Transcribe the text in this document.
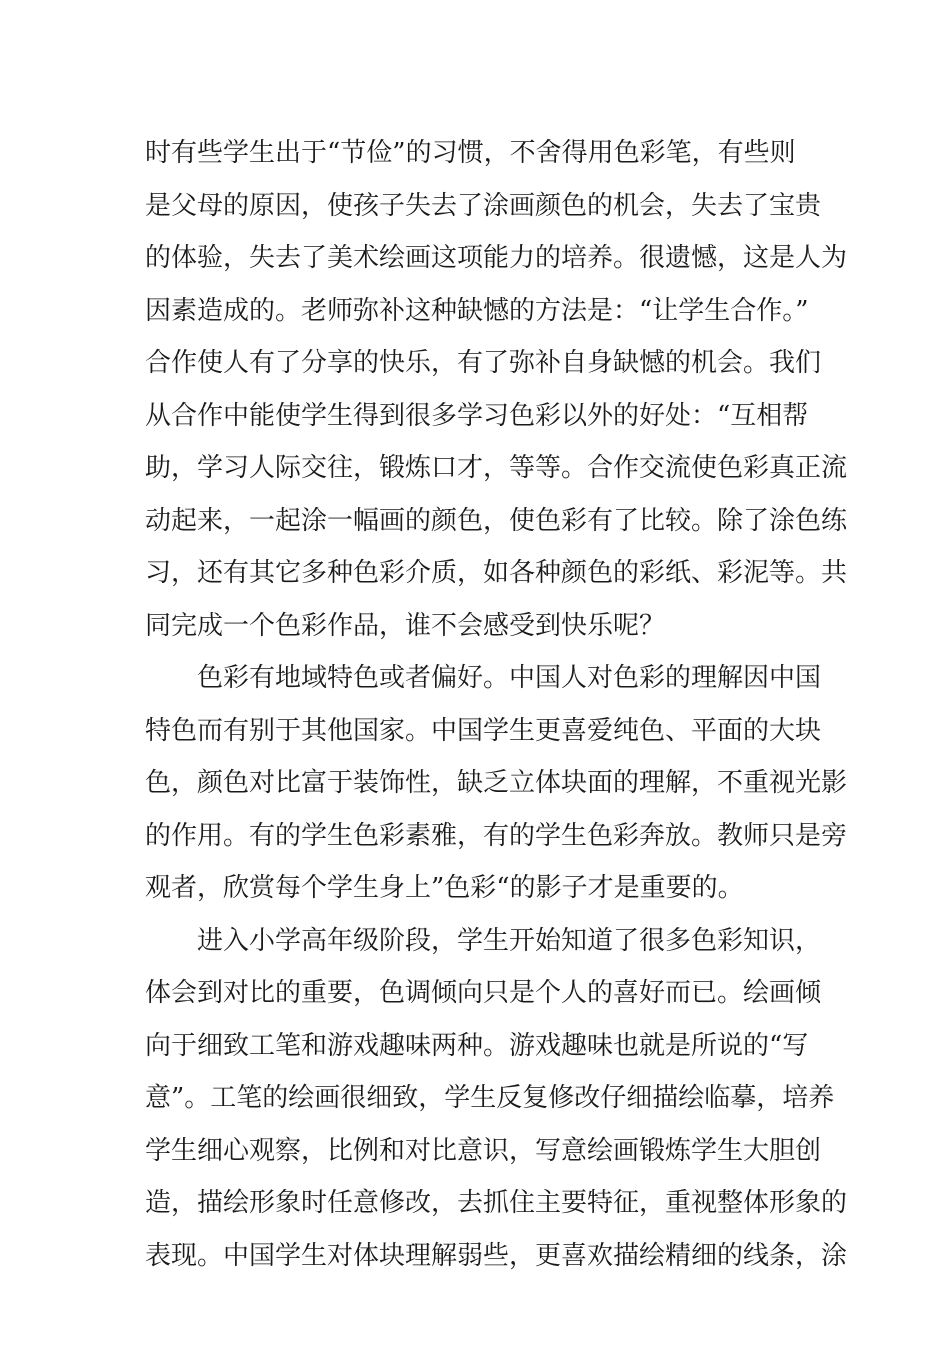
时有些学生出于“节俭”的习惯，不舍得用色彩笔，有些则
是父母的原因，使孩子失去了涂画颜色的机会，失去了宝贵
的体验，失去了美术绘画这项能力的培养。很遗憾，这是人为
因素造成的。老师弥补这种缺憾的方法是：“让学生合作。”
合作使人有了分享的快乐，有了弥补自身缺憾的机会。我们
从合作中能使学生得到很多学习色彩以外的好处：“互相帮
助，学习人际交往，锻炼口才，等等。合作交流使色彩真正流
动起来，一起涂一幅画的颜色，使色彩有了比较。除了涂色练
习，还有其它多种色彩介质，如各种颜色的彩纸、彩泥等。共
同完成一个色彩作品，谁不会感受到快乐呢？
色彩有地域特色或者偏好。中国人对色彩的理解因中国
特色而有别于其他国家。中国学生更喜爱纯色、平面的大块
色，颜色对比富于装饰性，缺乏立体块面的理解，不重视光影
的作用。有的学生色彩素雅，有的学生色彩奔放。教师只是旁
观者，欣赏每个学生身上”色彩“的影子才是重要的。
进入小学高年级阶段，学生开始知道了很多色彩知识，
体会到对比的重要，色调倾向只是个人的喜好而已。绘画倾
向于细致工笔和游戏趣味两种。游戏趣味也就是所说的“写
意”。工笔的绘画很细致，学生反复修改仔细描绘临摹，培养
学生细心观察，比例和对比意识，写意绘画锻炼学生大胆创
造，描绘形象时任意修改，去抓住主要特征，重视整体形象的
表现。中国学生对体块理解弱些，更喜欢描绘精细的线条，涂
